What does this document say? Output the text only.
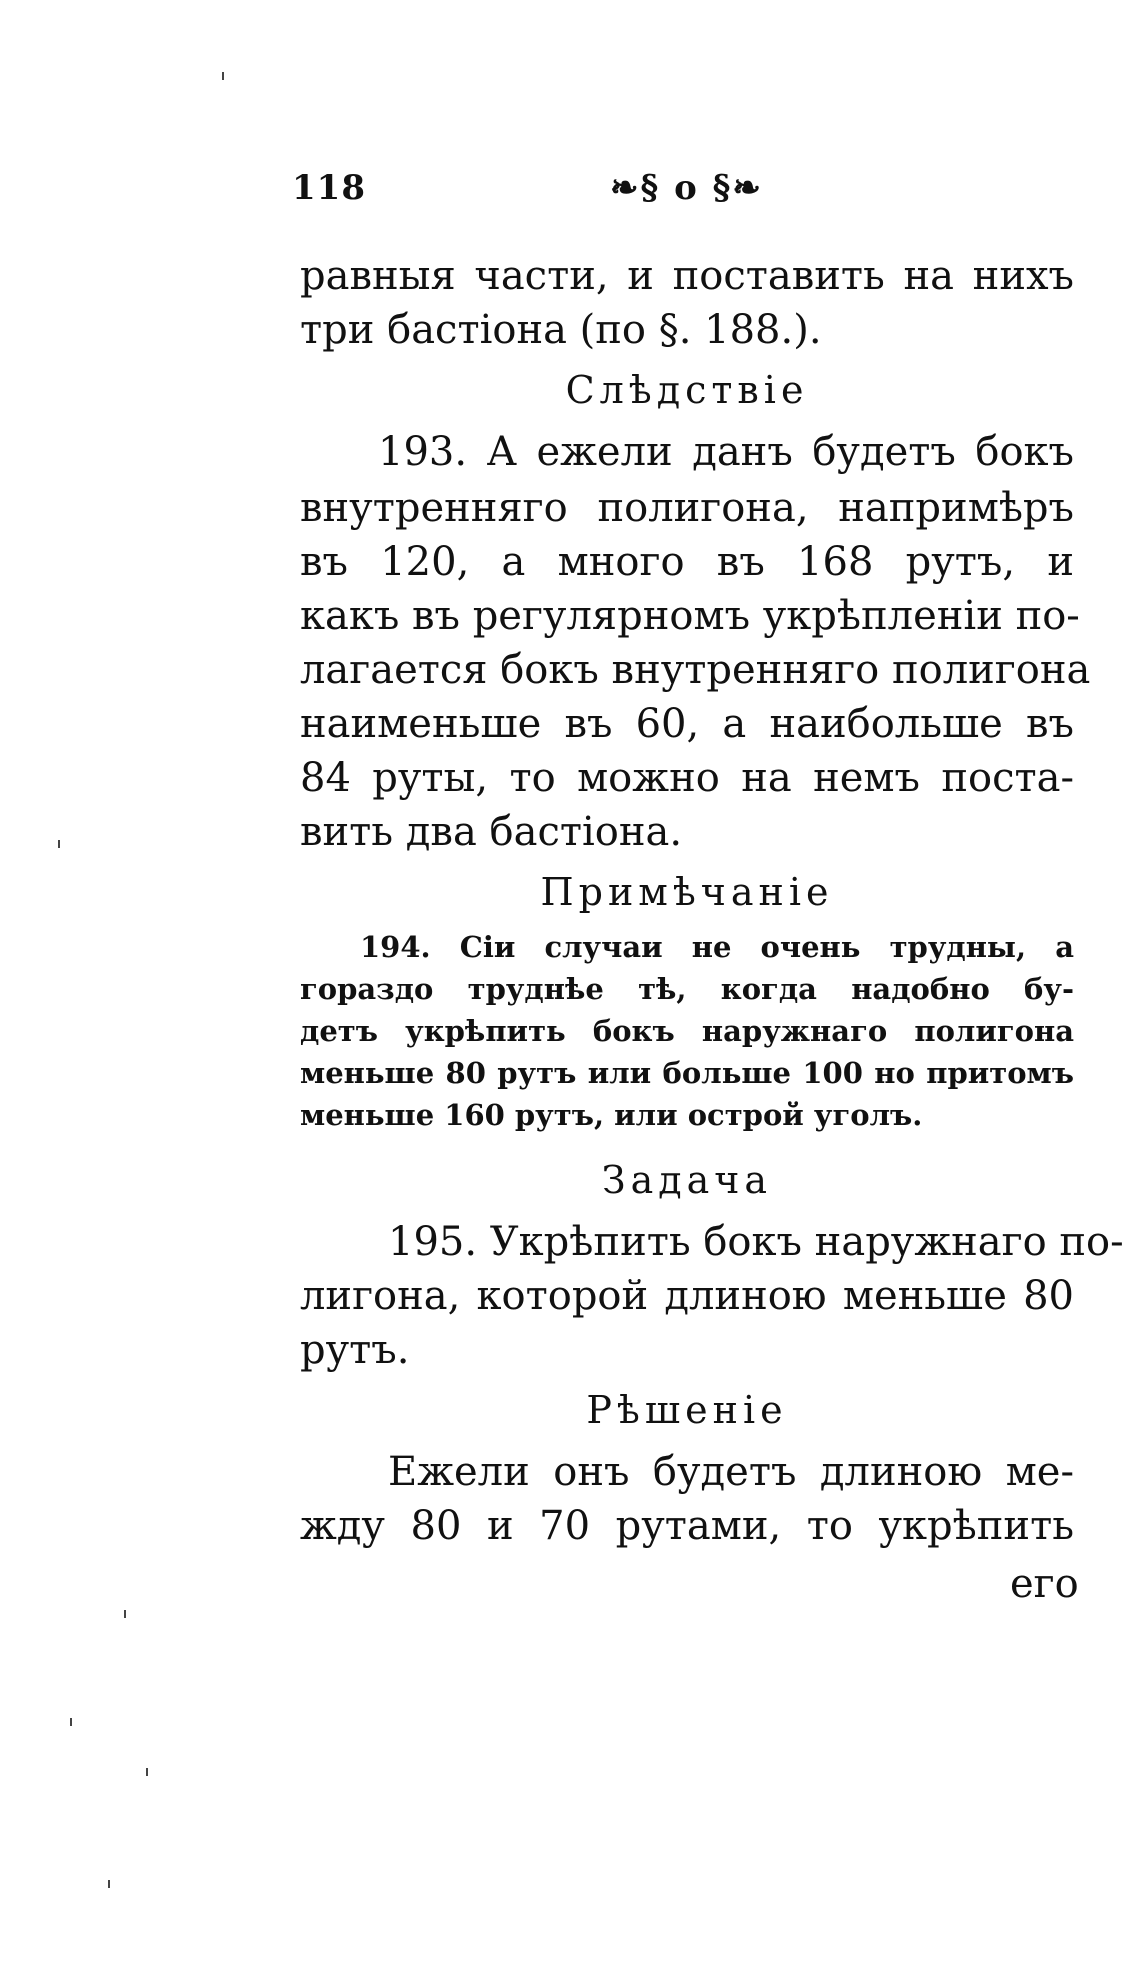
118	❧§ o §❧
равныя части, и поставить на нихъ
три бастіона (по §. 188.).
Слѣдствіе
193. А ежели данъ будетъ бокъ
внутренняго полигона, напримѣръ
въ 120, а много въ 168 рутъ, и
какъ въ регулярномъ укрѣпленіи по-
лагается бокъ внутренняго полигона
наименьше въ 60, а наибольше въ
84 руты, то можно на немъ поста-
вить два бастіона.
Примѣчаніе
194. Сіи случаи не очень трудны, а
гораздо труднѣе тѣ, когда надобно бу-
детъ укрѣпить бокъ наружнаго полигона
меньше 80 рутъ или больше 100 но притомъ
меньше 160 рутъ, или острой уголъ.
Задача
195. Укрѣпить бокъ наружнаго по-
лигона, которой длиною меньше 80
рутъ.
Рѣшеніе
Ежели онъ будетъ длиною ме-
жду 80 и 70 рутами, то укрѣпить
его
